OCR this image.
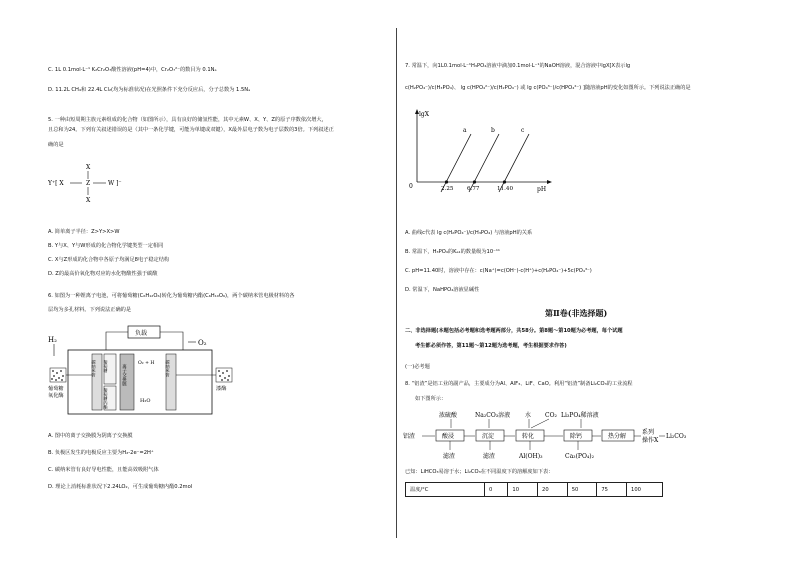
C. 1L 0.1mol·L⁻¹ K₂Cr₂O₇酸性溶液(pH=4)中，Cr₂O₇²⁻的数目为 0.1Nₐ
D. 11.2L CH₄和 22.4L Cl₂(均为标准状况)在光照条件下充分反应后，分子总数为 1.5Nₐ
5. 一种由短周期主族元素组成的化合物（如图所示），具有良好的储氢性能，其中元素W、X、Y、Z的原子序数依次增大，
且总和为24。下列有关叙述错误的是（其中一条化学键，可能为单键或双键），X最外层电子数为电子层数的3倍。下列叙述正
确的是
X
Y⁺[ X	Z	W ]⁻
X
A. 简单离子半径：Z>Y>X>W
B. Y与X、Y与W形成的化合物化学键类型一定相同
C. X与Z形成的化合物中各原子均满足8电子稳定结构
D. Z的最高价氧化物对应的水化物酸性强于碳酸
6. 如图为一种锂离子电池，可将葡萄糖(C₆H₁₂O₆)转化为葡萄糖内酯(C₆H₁₀O₆)，两个碳纳米管电极材料的各
层均为多孔材料。下列说法正确的是
负载
H₂	O₂
碳纳米管 葡萄糖
葡萄糖内酯
离子交换膜
O₂ + H
H₂O
碳纳米管
葡萄糖
氧化酶
漆酶
A. 图中的离子交换膜为阴离子交换膜
B. 负极区发生的电极反应主要为H₂-2e⁻=2H⁺
C. 碳纳米管有良好导电性能，且能高效吸附气体
D. 理论上消耗标准状况下2.24LO₂，可生成葡萄糖内酯0.2mol
7. 常温下，向1L0.1mol·L⁻¹H₃PO₄溶液中滴加0.1mol·L⁻¹的NaOH溶液，混合溶液中lgX[X表示lg
c(H₂PO₄⁻)/c(H₃PO₄)、 lg c(HPO₄²⁻)/c(H₂PO₄⁻) 或 lg c(PO₄³⁻)/c(HPO₄²⁻) ]随溶液pH的变化如图所示。下列说法正确的是
lgX
pH
0
a	b	c
2.25 6.77	11.40
A. 曲线c代表 lg c(H₂PO₄⁻)/c(H₃PO₄) 与溶液pH的关系
B. 常温下，H₃PO₄的Kₐ₁的数量级为10⁻¹¹
C. pH=11.40时，溶液中存在：c(Na⁺)=c(OH⁻)-c(H⁺)+c(H₂PO₄⁻)+5c(PO₄³⁻)
D. 常温下，NaHPO₄溶液显碱性
第Ⅱ卷(非选择题)
二、非选择题(本题包括必考题和选考题两部分，共58分。第8题～第10题为必考题，每个试题
考生都必须作答，第11题～第12题为选考题，考生根据要求作答)
(一)必考题
8. “铝渣”是铝工业的副产品，主要成分为Al、AlF₃、LiF、CaO。利用“铝渣”制备Li₂CO₃的工业流程
如下图所示：
浓硫酸	Na₂CO₃溶液 水 CO₂ Li₃PO₄稀溶液
铝渣	酸浸	沉淀	转化	除钙	热分解
系列
操作X
Li₂CO₃
滤渣	滤渣	Al(OH)₃	Ca₃(PO₄)₂
已知：LiHCO₃易溶于水；Li₂CO₃在不同温度下的溶解度如下表：
温度/°C	0	10	20	50	75	100
